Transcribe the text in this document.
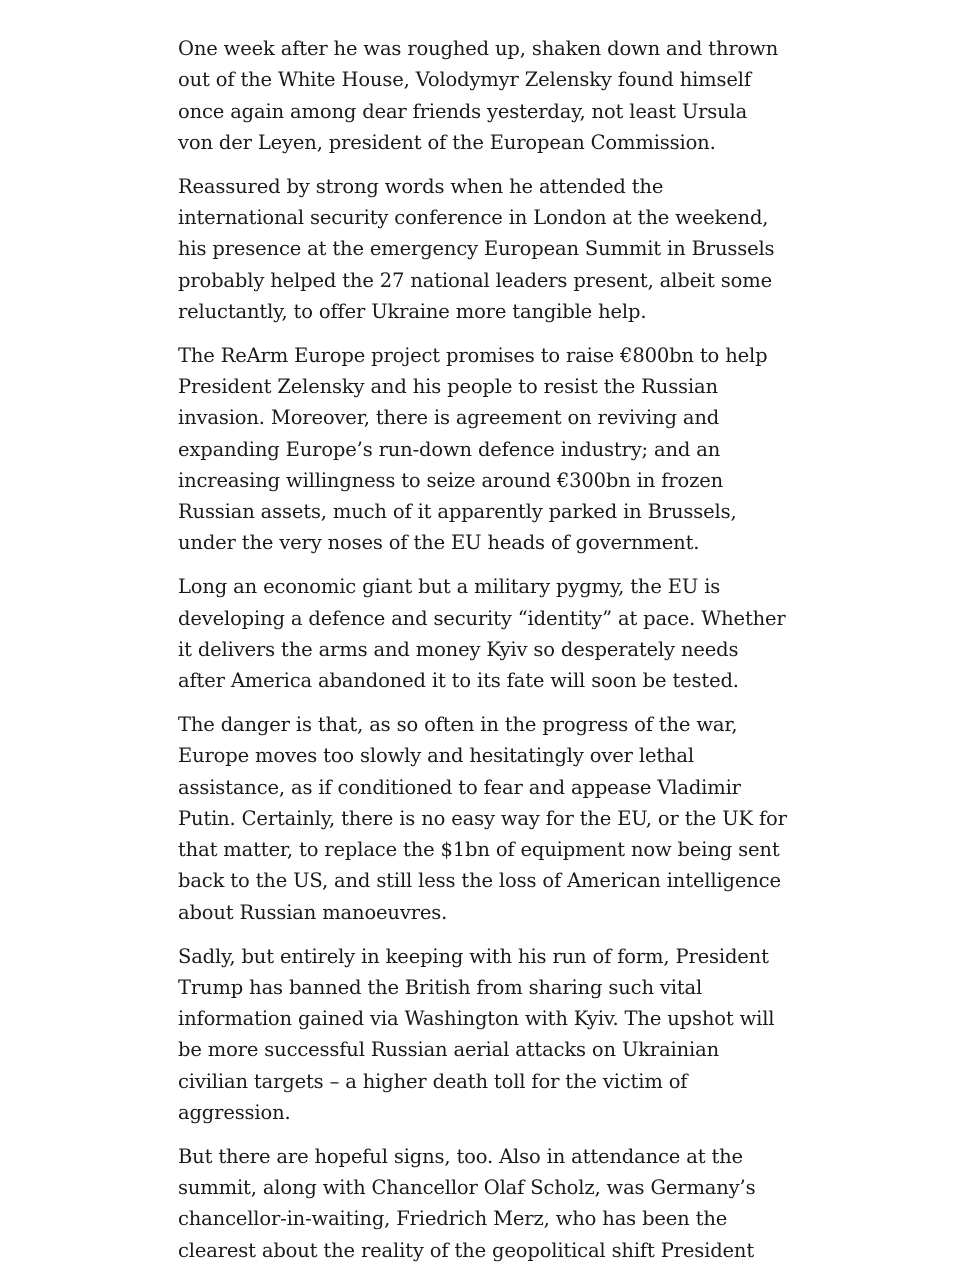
One week after he was roughed up, shaken down and thrown out of the White House, Volodymyr Zelensky found himself once again among dear friends yesterday, not least Ursula von der Leyen, president of the European Commission.

Reassured by strong words when he attended the international security conference in London at the weekend, his presence at the emergency European Summit in Brussels probably helped the 27 national leaders present, albeit some reluctantly, to offer Ukraine more tangible help.

The ReArm Europe project promises to raise €800bn to help President Zelensky and his people to resist the Russian invasion. Moreover, there is agreement on reviving and expanding Europe’s run-down defence industry; and an increasing willingness to seize around €300bn in frozen Russian assets, much of it apparently parked in Brussels, under the very noses of the EU heads of government.

Long an economic giant but a military pygmy, the EU is developing a defence and security “identity” at pace. Whether it delivers the arms and money Kyiv so desperately needs after America abandoned it to its fate will soon be tested.

The danger is that, as so often in the progress of the war, Europe moves too slowly and hesitatingly over lethal assistance, as if conditioned to fear and appease Vladimir Putin. Certainly, there is no easy way for the EU, or the UK for that matter, to replace the $1bn of equipment now being sent back to the US, and still less the loss of American intelligence about Russian manoeuvres.

Sadly, but entirely in keeping with his run of form, President Trump has banned the British from sharing such vital information gained via Washington with Kyiv. The upshot will be more successful Russian aerial attacks on Ukrainian civilian targets – a higher death toll for the victim of aggression.

But there are hopeful signs, too. Also in attendance at the summit, along with Chancellor Olaf Scholz, was Germany’s chancellor-in-waiting, Friedrich Merz, who has been the clearest about the reality of the geopolitical shift President
